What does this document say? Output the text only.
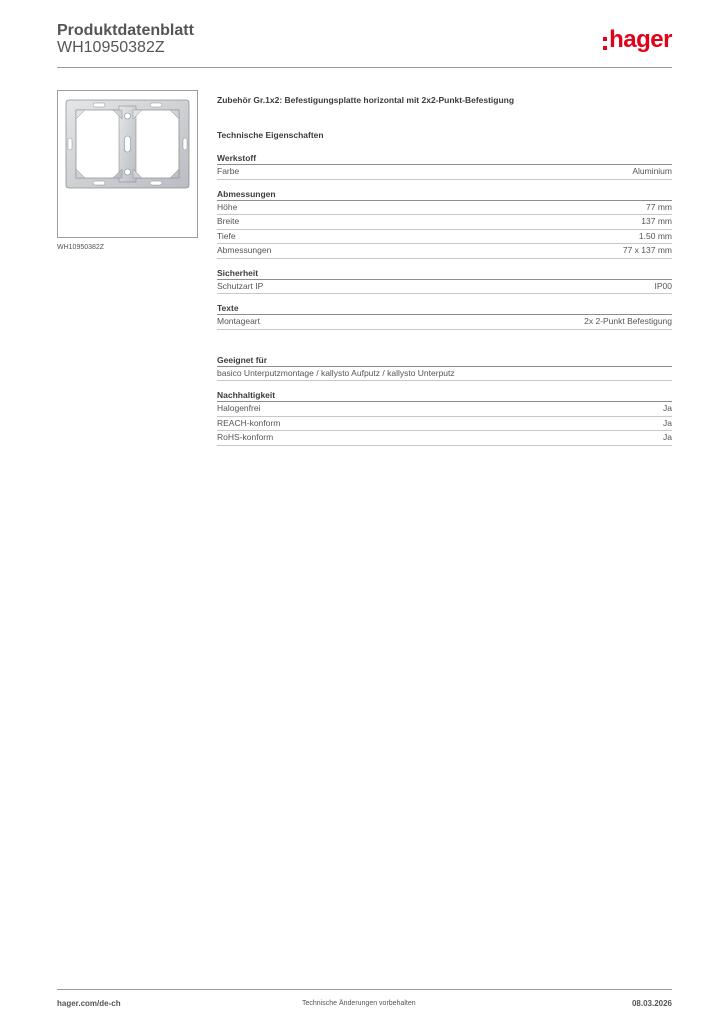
Produktdatenblatt
WH10950382Z	hager
WH10950382Z
Zubehör Gr.1x2: Befestigungsplatte horizontal mit 2x2-Punkt-Befestigung
Technische Eigenschaften
Werkstoff
Farbe	Aluminium
Abmessungen
Höhe	77 mm
Breite	137 mm
Tiefe	1.50 mm
Abmessungen	77 x 137 mm
Sicherheit
Schutzart IP	IP00
Texte
Montageart	2x 2-Punkt Befestigung
Geeignet für
basico Unterputzmontage / kallysto Aufputz / kallysto Unterputz
Nachhaltigkeit
Halogenfrei	Ja
REACH-konform	Ja
RoHS-konform	Ja
hager.com/de-ch	Technische Änderungen vorbehalten	08.03.2026
